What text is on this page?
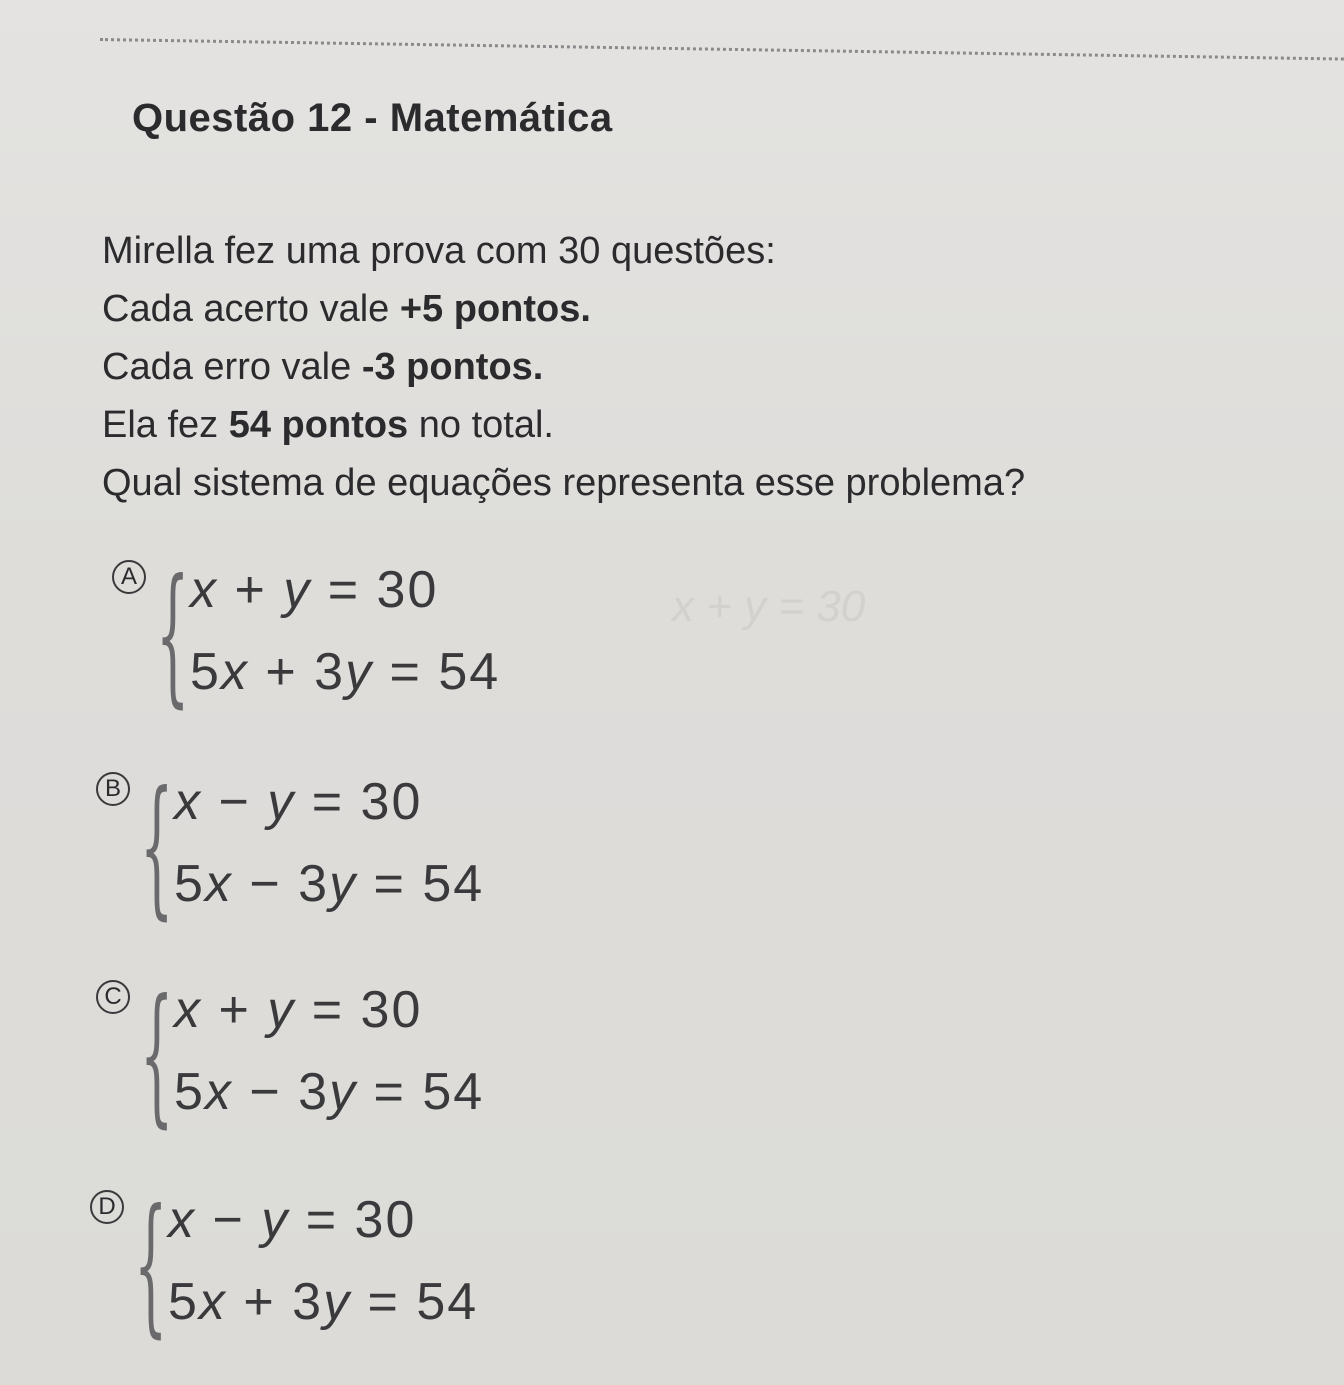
Questão 12 - Matemática
Mirella fez uma prova com 30 questões:
Cada acerto vale +5 pontos.
Cada erro vale -3 pontos.
Ela fez 54 pontos no total.
Qual sistema de equações representa esse problema?
x + y = 30
A { x + y = 30
5x + 3y = 54
B { x − y = 30
5x − 3y = 54
C { x + y = 30
5x − 3y = 54
D { x − y = 30
5x + 3y = 54
